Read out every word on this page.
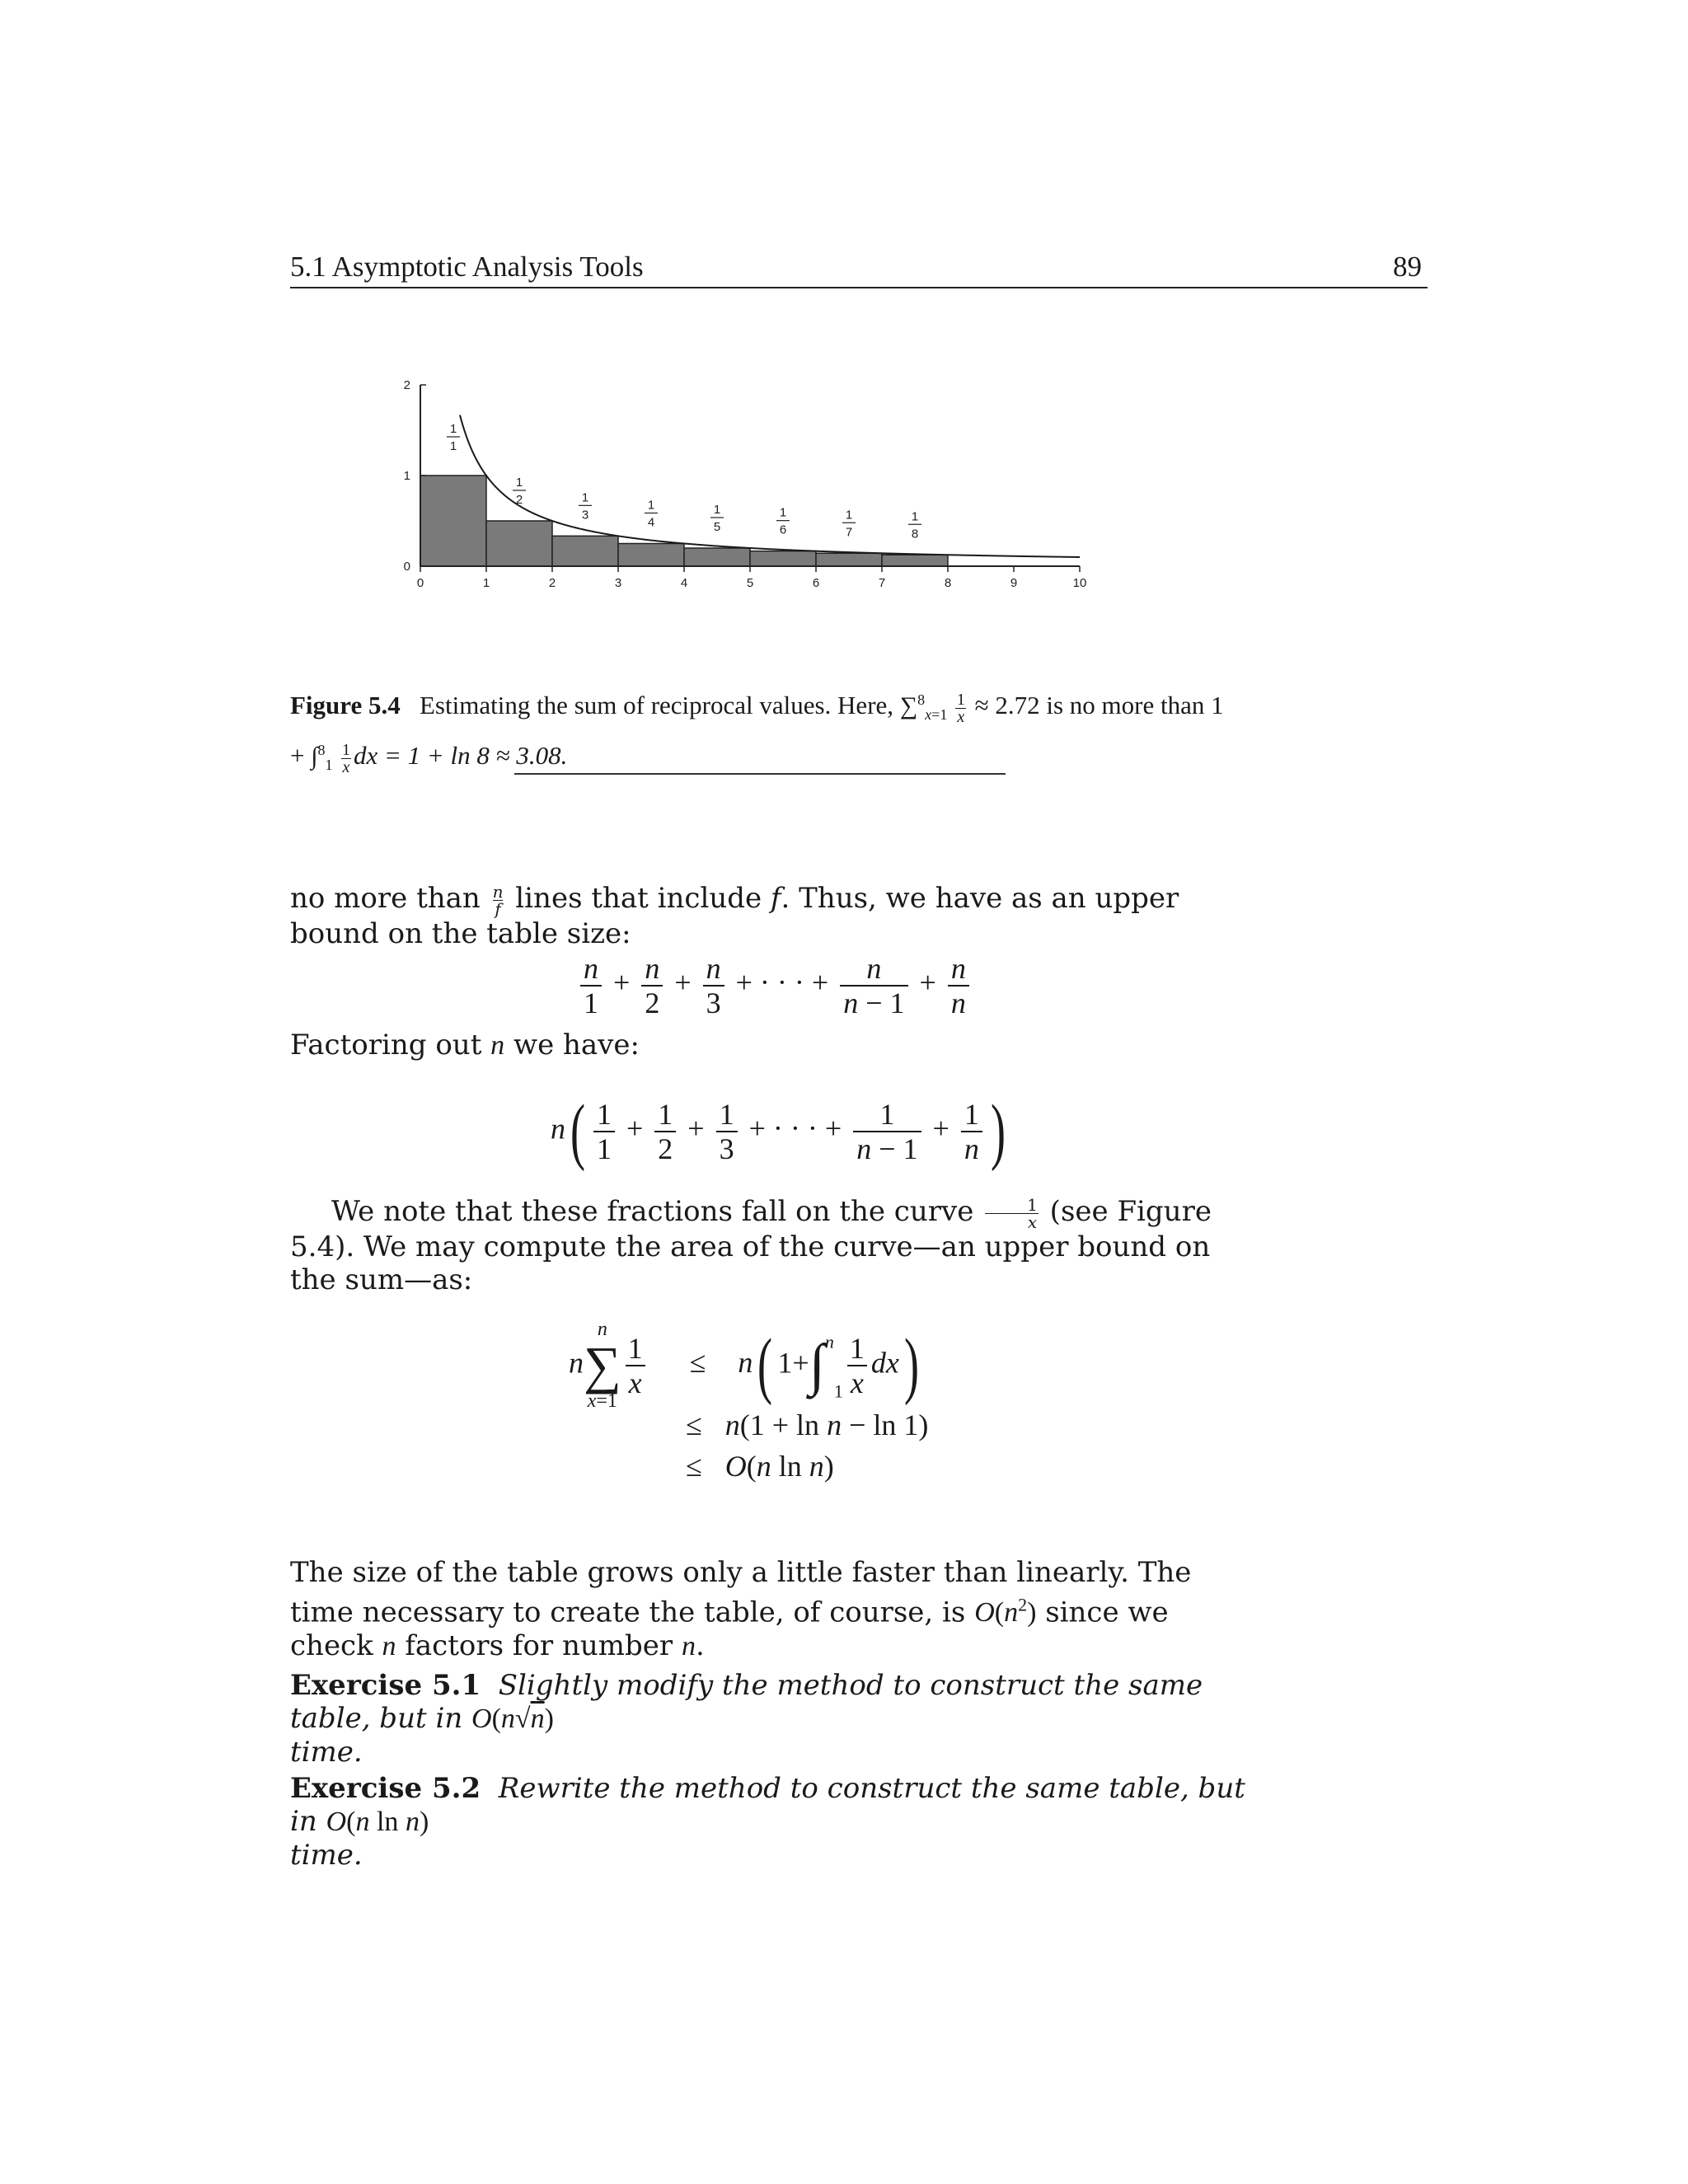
5.1 Asymptotic Analysis Tools	89
1
1
1
2	1
3
1
4
1
5
1
6
1
7
1
8
0	1	2	3	4	5	6	7	8	9	10
0
1
2
Figure 5.4 Estimating the sum of reciprocal values. Here, $\sum^8_{x=1} \frac{1}{x} \approx 2.72$ is no more than $1 + \int^8_1 \frac{1}{x}$ dx = 1 + ln 8 ≈ 3.08.
no more than $\frac{n}{f}$ lines that include f. Thus, we have as an upper bound on the table size:
$\frac{n}{1} + \frac{n}{2} + \frac{n}{3}$ + · · · + $\frac{n}{n - 1} + \frac{n}{n}$
Factoring out n we have:
$n( \frac{1}{1} + \frac{1}{2} + \frac{1}{3}$ + · · · + $\frac{1}{n - 1} + \frac{1}{n}$ )
We note that these fractions fall on the curve $\frac{1}{x} (see$ Figure 5.4). We may compute the area of the curve—an upper bound on the sum—as:
n
n
∑
x=1
$\frac{1}{x} \le n$( $1+\int^n_1 \frac{1}{x} dx$)
≤ n(1 + ln n − ln 1)
≤ O(n ln n)
The size of the table grows only a little faster than linearly. The time necessary to create the table, of course, is $O(n^2)$ since we check n factors for number n.
Exercise 5.1 Slightly modify the method to construct the same table, but in O(n√n)
time.
Exercise 5.2 Rewrite the method to construct the same table, but in O(n ln n)
time.
